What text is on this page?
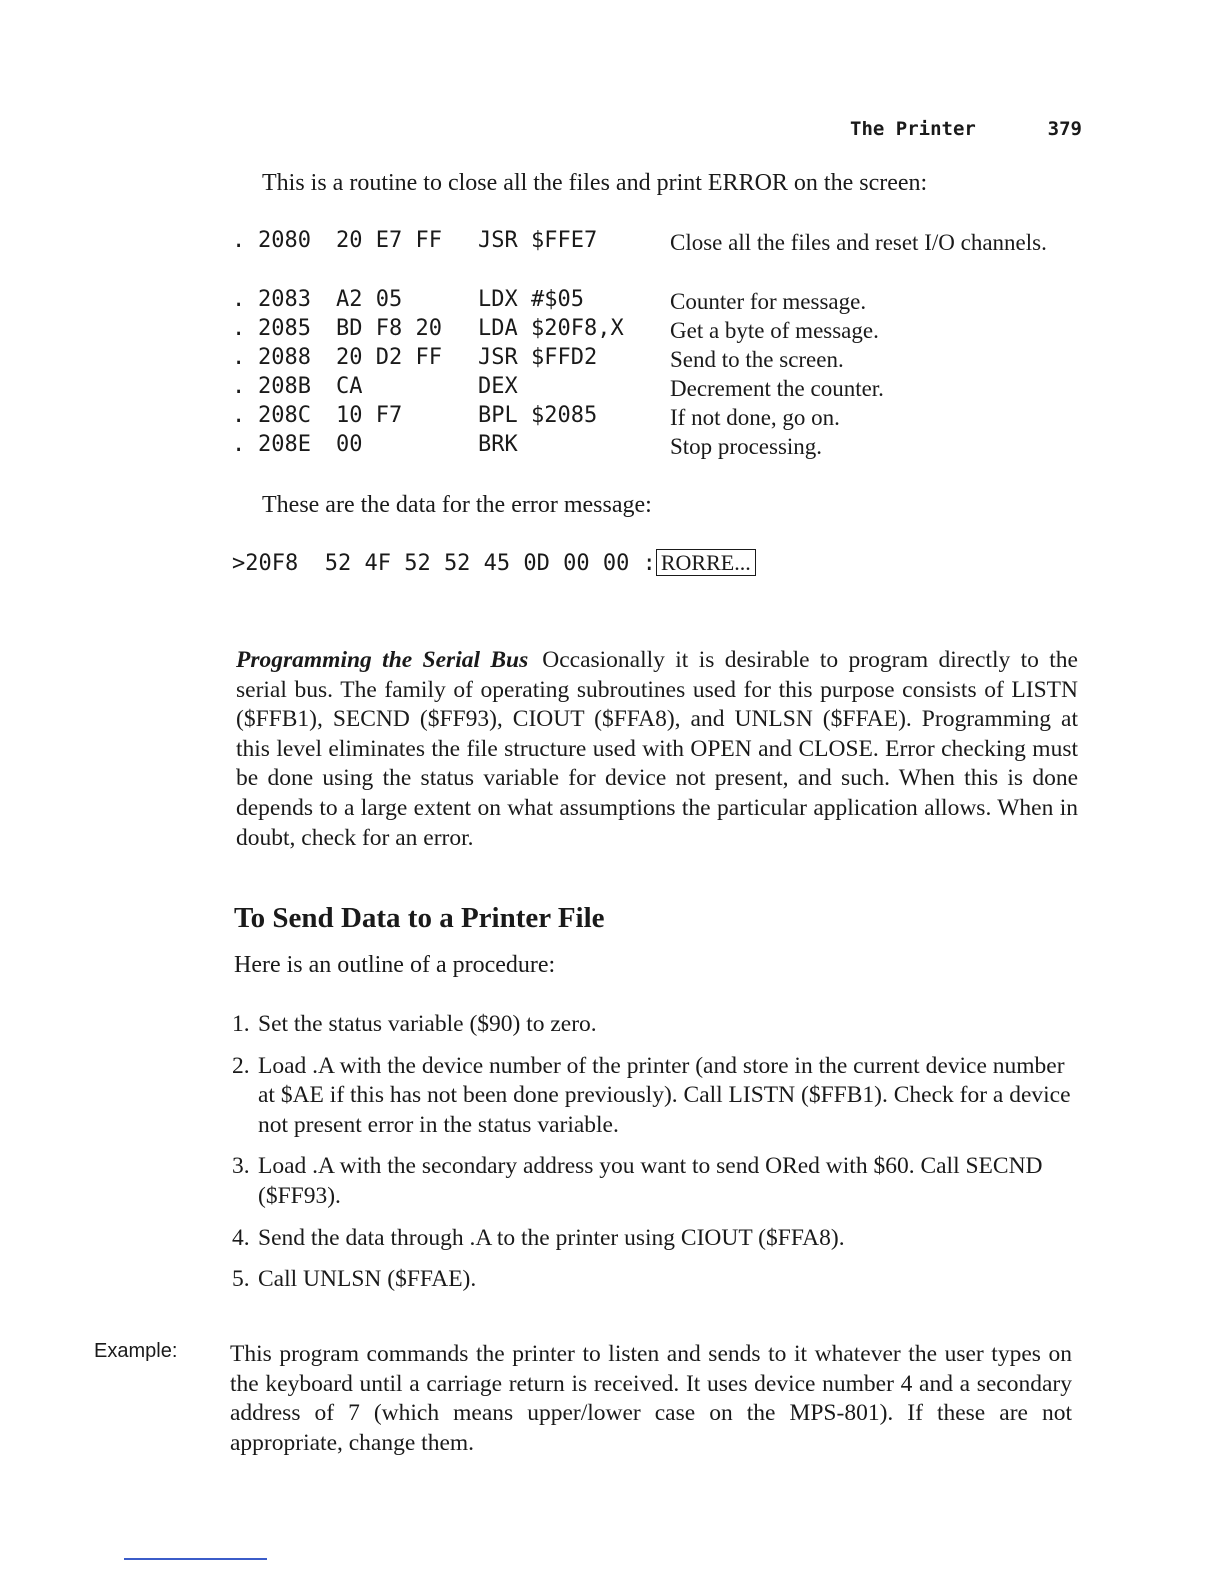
The Printer	379
This is a routine to close all the files and print ERROR on the screen:
. 2080 20 E7 FF JSR $FFE7	Close all the files and reset I/O channels.
. 2083 A2 05	LDX #$05	Counter for message.
. 2085 BD F8 20 LDA $20F8,X Get a byte of message.
. 2088 20 D2 FF JSR $FFD2	Send to the screen.
. 208B CA	DEX	Decrement the counter.
. 208C 10 F7	BPL $2085	If not done, go on.
. 208E 00	BRK	Stop processing.
These are the data for the error message:
>20F8 52 4F 52 52 45 0D 00 00 : RORRE...
Programming the Serial Bus Occasionally it is desirable to program directly to the serial bus. The family of operating subroutines used for this purpose consists of LISTN ($FFB1), SECND ($FF93), CIOUT ($FFA8), and UNLSN ($FFAE). Programming at this level eliminates the file structure used with OPEN and CLOSE. Error checking must be done using the status variable for device not present, and such. When this is done depends to a large extent on what assumptions the particular application allows. When in doubt, check for an error.
To Send Data to a Printer File
Here is an outline of a procedure:
1. Set the status variable ($90) to zero.
2. Load .A with the device number of the printer (and store in the current device number at $AE if this has not been done previously). Call LISTN ($FFB1). Check for a device not present error in the status variable.
3. Load .A with the secondary address you want to send ORed with $60. Call SECND ($FF93).
4. Send the data through .A to the printer using CIOUT ($FFA8).
5. Call UNLSN ($FFAE).
Example: This program commands the printer to listen and sends to it whatever the user types on the keyboard until a carriage return is received. It uses device number 4 and a secondary address of 7 (which means upper/lower case on the MPS-801). If these are not appropriate, change them.
